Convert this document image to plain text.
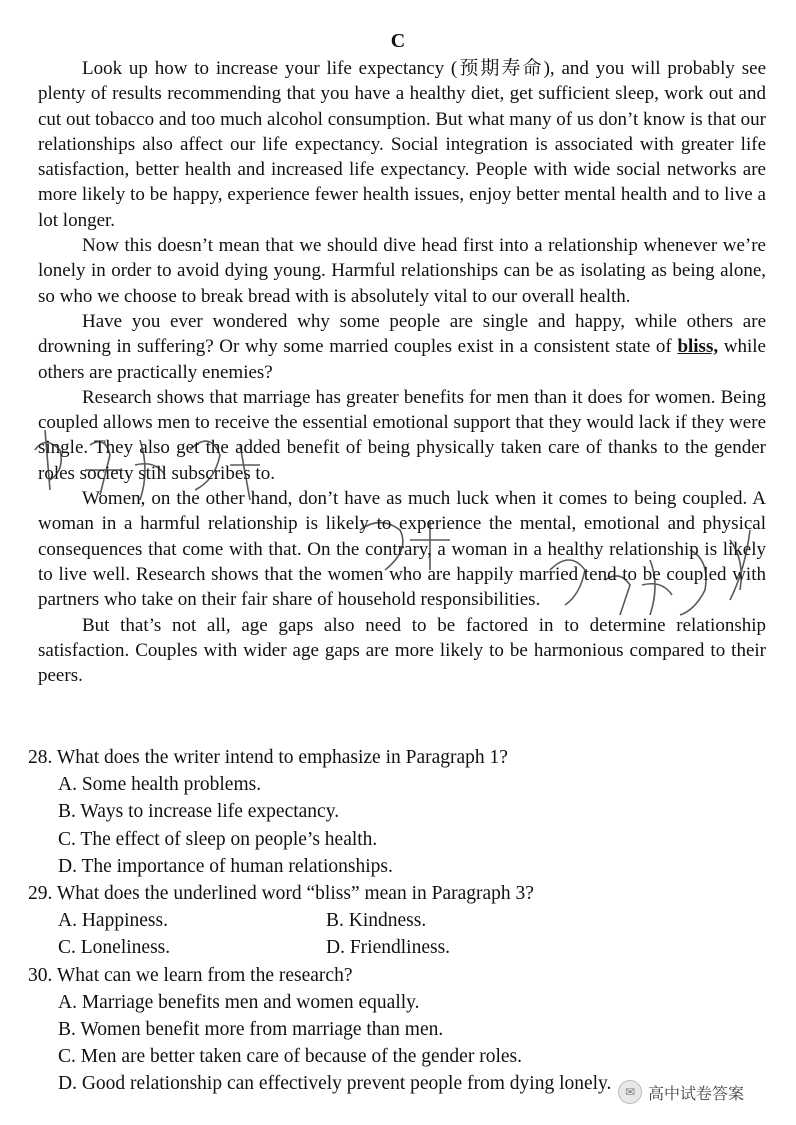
C

Look up how to increase your life expectancy (预期寿命), and you will probably see plenty of results recommending that you have a healthy diet, get sufficient sleep, work out and cut out tobacco and too much alcohol consumption. But what many of us don’t know is that our relationships also affect our life expectancy. Social integration is associated with greater life satisfaction, better health and increased life expectancy. People with wide social networks are more likely to be happy, experience fewer health issues, enjoy better mental health and to live a lot longer.

Now this doesn’t mean that we should dive head first into a relationship whenever we’re lonely in order to avoid dying young. Harmful relationships can be as isolating as being alone, so who we choose to break bread with is absolutely vital to our overall health.

Have you ever wondered why some people are single and happy, while others are drowning in suffering? Or why some married couples exist in a consistent state of bliss, while others are practically enemies?

Research shows that marriage has greater benefits for men than it does for women. Being coupled allows men to receive the essential emotional support that they would lack if they were single. They also get the added benefit of being physically taken care of thanks to the gender roles society still subscribes to.

Women, on the other hand, don’t have as much luck when it comes to being coupled. A woman in a harmful relationship is likely to experience the mental, emotional and physical consequences that come with that. On the contrary, a woman in a healthy relationship is likely to live well. Research shows that the women who are happily married tend to be coupled with partners who take on their fair share of household responsibilities.

But that’s not all, age gaps also need to be factored in to determine relationship satisfaction. Couples with wider age gaps are more likely to be harmonious compared to their peers.

28. What does the writer intend to emphasize in Paragraph 1?

A. Some health problems.

B. Ways to increase life expectancy.

C. The effect of sleep on people’s health.

D. The importance of human relationships.

29. What does the underlined word “bliss” mean in Paragraph 3?

A. Happiness.	B. Kindness.

C. Loneliness.	D. Friendliness.

30. What can we learn from the research?

A. Marriage benefits men and women equally.

B. Women benefit more from marriage than men.

C. Men are better taken care of because of the gender roles.

D. Good relationship can effectively prevent people from dying lonely.	✉ 高中试卷答案
